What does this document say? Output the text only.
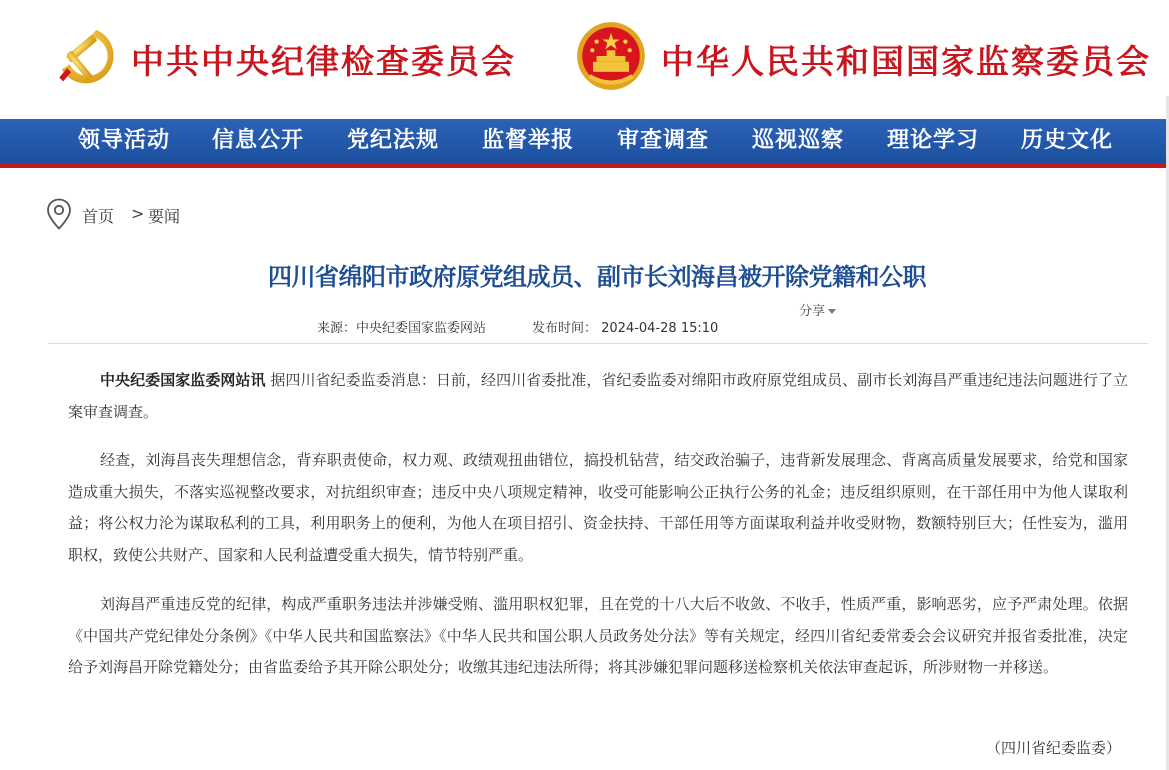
中共中央纪律检查委员会	中华人民共和国国家监察委员会
领导活动 信息公开 党纪法规 监督举报 审查调查 巡视巡察 理论学习 历史文化
首页 > 要闻
四川省绵阳市政府原党组成员、副市长刘海昌被开除党籍和公职
分享
来源：中央纪委国家监委网站	发布时间： 2024-04-28 15:10

中央纪委国家监委网站讯 据四川省纪委监委消息：日前，经四川省委批准，省纪委监委对绵阳市政府原党组成员、副市长刘海昌严重违纪违法问题进行了立案审查调查。

经查，刘海昌丧失理想信念，背弃职责使命，权力观、政绩观扭曲错位，搞投机钻营，结交政治骗子，违背新发展理念、背离高质量发展要求，给党和国家造成重大损失，不落实巡视整改要求，对抗组织审查；违反中央八项规定精神，收受可能影响公正执行公务的礼金；违反组织原则，在干部任用中为他人谋取利益；将公权力沦为谋取私利的工具，利用职务上的便利，为他人在项目招引、资金扶持、干部任用等方面谋取利益并收受财物，数额特别巨大；任性妄为，滥用职权，致使公共财产、国家和人民利益遭受重大损失，情节特别严重。

刘海昌严重违反党的纪律，构成严重职务违法并涉嫌受贿、滥用职权犯罪，且在党的十八大后不收敛、不收手，性质严重，影响恶劣，应予严肃处理。依据《中国共产党纪律处分条例》《中华人民共和国监察法》《中华人民共和国公职人员政务处分法》等有关规定，经四川省纪委常委会会议研究并报省委批准，决定给予刘海昌开除党籍处分；由省监委给予其开除公职处分；收缴其违纪违法所得；将其涉嫌犯罪问题移送检察机关依法审查起诉，所涉财物一并移送。

（四川省纪委监委）
